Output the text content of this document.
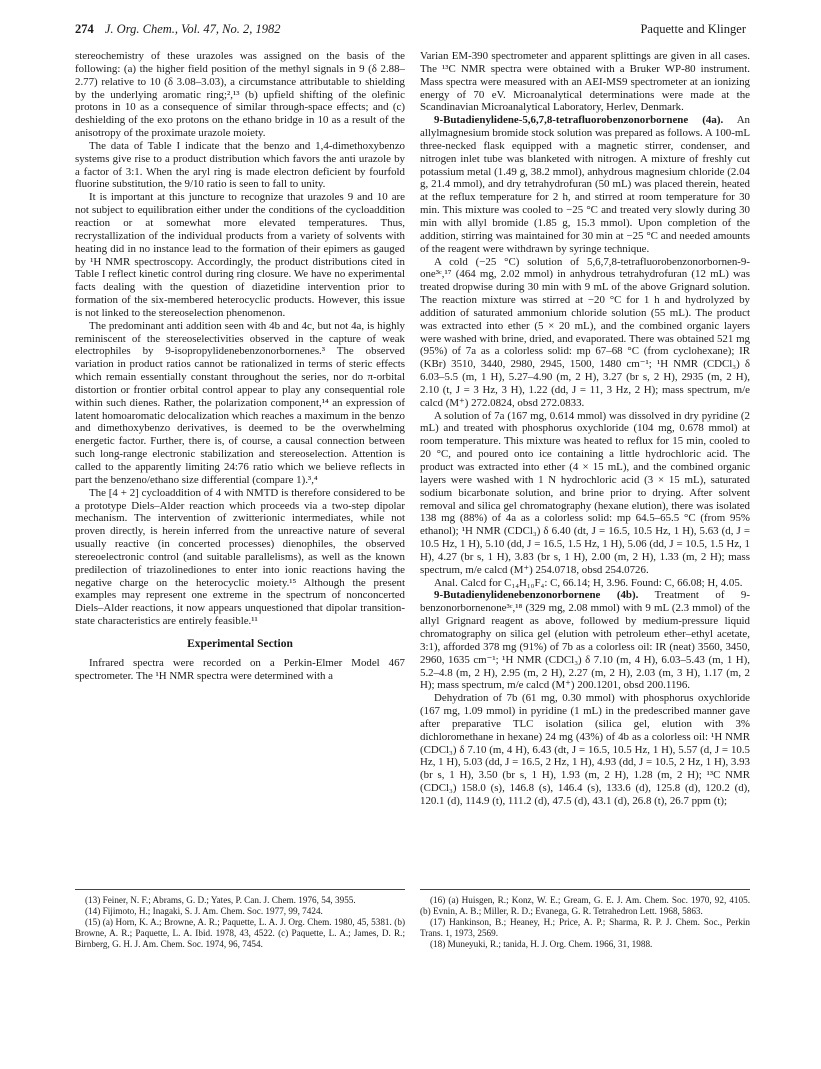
274 J. Org. Chem., Vol. 47, No. 2, 1982	Paquette and Klinger

stereochemistry of these urazoles was assigned on the basis of the following: (a) the higher field position of the methyl signals in 9 (δ 2.88–2.77) relative to 10 (δ 3.08–3.03), a circumstance attributable to shielding by the underlying aromatic ring;²,¹³ (b) upfield shifting of the olefinic protons in 10 as a consequence of similar through-space effects; and (c) deshielding of the exo protons on the ethano bridge in 10 as a result of the anisotropy of the proximate urazole moiety.

The data of Table I indicate that the benzo and 1,4-dimethoxybenzo systems give rise to a product distribution which favors the anti urazole by a factor of 3:1. When the aryl ring is made electron deficient by fourfold fluorine substitution, the 9/10 ratio is seen to fall to unity.

It is important at this juncture to recognize that urazoles 9 and 10 are not subject to equilibration either under the conditions of the cycloaddition reaction or at somewhat more elevated temperatures. Thus, recrystallization of the individual products from a variety of solvents with heating did in no instance lead to the formation of their epimers as gauged by ¹H NMR spectroscopy. Accordingly, the product distributions cited in Table I reflect kinetic control during ring closure. We have no experimental facts dealing with the question of diazetidine intervention prior to formation of the six-membered heterocyclic products. However, this issue is not linked to the stereoselection phenomenon.

The predominant anti addition seen with 4b and 4c, but not 4a, is highly reminiscent of the stereoselectivities observed in the capture of weak electrophiles by 9-isopropylidenebenzonorbornenes.³ The observed variation in product ratios cannot be rationalized in terms of steric effects which remain essentially constant throughout the series, nor do π-orbital distortion or frontier orbital control appear to play any consequential role within such dienes. Rather, the polarization component,¹⁴ an expression of latent homoaromatic delocalization which reaches a maximum in the benzo and dimethoxybenzo derivatives, is deemed to be the overwhelming energetic factor. Further, there is, of course, a causal connection between such long-range electronic stabilization and stereoselection. Attention is called to the apparently limiting 24:76 ratio which we believe reflects in part the benzeno/ethano size differential (compare 1).³,⁴

The [4 + 2] cycloaddition of 4 with NMTD is therefore considered to be a prototype Diels–Alder reaction which proceeds via a two-step dipolar mechanism. The intervention of zwitterionic intermediates, while not proven directly, is herein inferred from the unreactive nature of several usually reactive (in concerted processes) dienophiles, the observed stereoelectronic control (and suitable parallelisms), as well as the known predilection of triazolinediones to enter into ionic reactions having the negative charge on the heterocyclic moiety.¹⁵ Although the present examples may represent one extreme in the spectrum of nonconcerted Diels–Alder reactions, it now appears unquestioned that dipolar transition-state characteristics are entirely feasible.¹¹

Experimental Section

Infrared spectra were recorded on a Perkin-Elmer Model 467 spectrometer. The ¹H NMR spectra were determined with a

Varian EM-390 spectrometer and apparent splittings are given in all cases. The ¹³C NMR spectra were obtained with a Bruker WP-80 instrument. Mass spectra were measured with an AEI-MS9 spectrometer at an ionizing energy of 70 eV. Microanalytical determinations were made at the Scandinavian Microanalytical Laboratory, Herlev, Denmark.

9-Butadienylidene-5,6,7,8-tetrafluorobenzonorbornene (4a). An allylmagnesium bromide stock solution was prepared as follows. A 100-mL three-necked flask equipped with a magnetic stirrer, condenser, and nitrogen inlet tube was blanketed with nitrogen. A mixture of freshly cut potassium metal (1.49 g, 38.2 mmol), anhydrous magnesium chloride (2.04 g, 21.4 mmol), and dry tetrahydrofuran (50 mL) was placed therein, heated at the reflux temperature for 2 h, and stirred at room temperature for 30 min. This mixture was cooled to −25 °C and treated very slowly during 30 min with allyl bromide (1.85 g, 15.3 mmol). Upon completion of the addition, stirring was maintained for 30 min at −25 °C and needed amounts of the reagent were withdrawn by syringe technique.

A cold (−25 °C) solution of 5,6,7,8-tetrafluorobenzonorbornen-9-one³ᶜ,¹⁷ (464 mg, 2.02 mmol) in anhydrous tetrahydrofuran (12 mL) was treated dropwise during 30 min with 9 mL of the above Grignard solution. The reaction mixture was stirred at −20 °C for 1 h and hydrolyzed by addition of saturated ammonium chloride solution (55 mL). The product was extracted into ether (5 × 20 mL), and the combined organic layers were washed with brine, dried, and evaporated. There was obtained 521 mg (95%) of 7a as a colorless solid: mp 67–68 °C (from cyclohexane); IR (KBr) 3510, 3440, 2980, 2945, 1500, 1480 cm⁻¹; ¹H NMR (CDCl₃) δ 6.03–5.5 (m, 1 H), 5.27–4.90 (m, 2 H), 3.27 (br s, 2 H), 2935 (m, 2 H), 2.10 (t, J = 3 Hz, 3 H), 1.22 (dd, J = 11, 3 Hz, 2 H); mass spectrum, m/e calcd (M⁺) 272.0824, obsd 272.0833.

A solution of 7a (167 mg, 0.614 mmol) was dissolved in dry pyridine (2 mL) and treated with phosphorus oxychloride (104 mg, 0.678 mmol) at room temperature. This mixture was heated to reflux for 15 min, cooled to 20 °C, and poured onto ice containing a little hydrochloric acid. The product was extracted into ether (4 × 15 mL), and the combined organic layers were washed with 1 N hydrochloric acid (3 × 15 mL), saturated sodium bicarbonate solution, and brine prior to drying. After solvent removal and silica gel chromatography (hexane elution), there was isolated 138 mg (88%) of 4a as a colorless solid: mp 64.5–65.5 °C (from 95% ethanol); ¹H NMR (CDCl₃) δ 6.40 (dt, J = 16.5, 10.5 Hz, 1 H), 5.63 (d, J = 10.5 Hz, 1 H), 5.10 (dd, J = 16.5, 1.5 Hz, 1 H), 5.06 (dd, J = 10.5, 1.5 Hz, 1 H), 4.27 (br s, 1 H), 3.83 (br s, 1 H), 2.00 (m, 2 H), 1.33 (m, 2 H); mass spectrum, m/e calcd (M⁺) 254.0718, obsd 254.0726.

Anal. Calcd for C₁₄H₁₀F₄: C, 66.14; H, 3.96. Found: C, 66.08; H, 4.05.

9-Butadienylidenebenzonorbornene (4b). Treatment of 9-benzonorbornenone³ᶜ,¹⁸ (329 mg, 2.08 mmol) with 9 mL (2.3 mmol) of the allyl Grignard reagent as above, followed by medium-pressure liquid chromatography on silica gel (elution with petroleum ether–ethyl acetate, 3:1), afforded 378 mg (91%) of 7b as a colorless oil: IR (neat) 3560, 3450, 2960, 1635 cm⁻¹; ¹H NMR (CDCl₃) δ 7.10 (m, 4 H), 6.03–5.43 (m, 1 H), 5.2–4.8 (m, 2 H), 2.95 (m, 2 H), 2.27 (m, 2 H), 2.03 (m, 3 H), 1.17 (m, 2 H); mass spectrum, m/e calcd (M⁺) 200.1201, obsd 200.1196.

Dehydration of 7b (61 mg, 0.30 mmol) with phosphorus oxychloride (167 mg, 1.09 mmol) in pyridine (1 mL) in the predescribed manner gave after preparative TLC isolation (silica gel, elution with 3% dichloromethane in hexane) 24 mg (43%) of 4b as a colorless oil: ¹H NMR (CDCl₃) δ 7.10 (m, 4 H), 6.43 (dt, J = 16.5, 10.5 Hz, 1 H), 5.57 (d, J = 10.5 Hz, 1 H), 5.03 (dd, J = 16.5, 2 Hz, 1 H), 4.93 (dd, J = 10.5, 2 Hz, 1 H), 3.93 (br s, 1 H), 3.50 (br s, 1 H), 1.93 (m, 2 H), 1.28 (m, 2 H); ¹³C NMR (CDCl₃) 158.0 (s), 146.8 (s), 146.4 (s), 133.6 (d), 125.8 (d), 120.2 (d), 120.1 (d), 114.9 (t), 111.2 (d), 47.5 (d), 43.1 (d), 26.8 (t), 26.7 ppm (t);

(13) Feiner, N. F.; Abrams, G. D.; Yates, P. Can. J. Chem. 1976, 54, 3955.

(14) Fijimoto, H.; Inagaki, S. J. Am. Chem. Soc. 1977, 99, 7424.

(15) (a) Horn, K. A.; Browne, A. R.; Paquette, L. A. J. Org. Chem. 1980, 45, 5381. (b) Browne, A. R.; Paquette, L. A. Ibid. 1978, 43, 4522. (c) Paquette, L. A.; James, D. R.; Birnberg, G. H. J. Am. Chem. Soc. 1974, 96, 7454.

(16) (a) Huisgen, R.; Konz, W. E.; Gream, G. E. J. Am. Chem. Soc. 1970, 92, 4105. (b) Evnin, A. B.; Miller, R. D.; Evanega, G. R. Tetrahedron Lett. 1968, 5863.

(17) Hankinson, B.; Heaney, H.; Price, A. P.; Sharma, R. P. J. Chem. Soc., Perkin Trans. 1, 1973, 2569.

(18) Muneyuki, R.; tanida, H. J. Org. Chem. 1966, 31, 1988.
